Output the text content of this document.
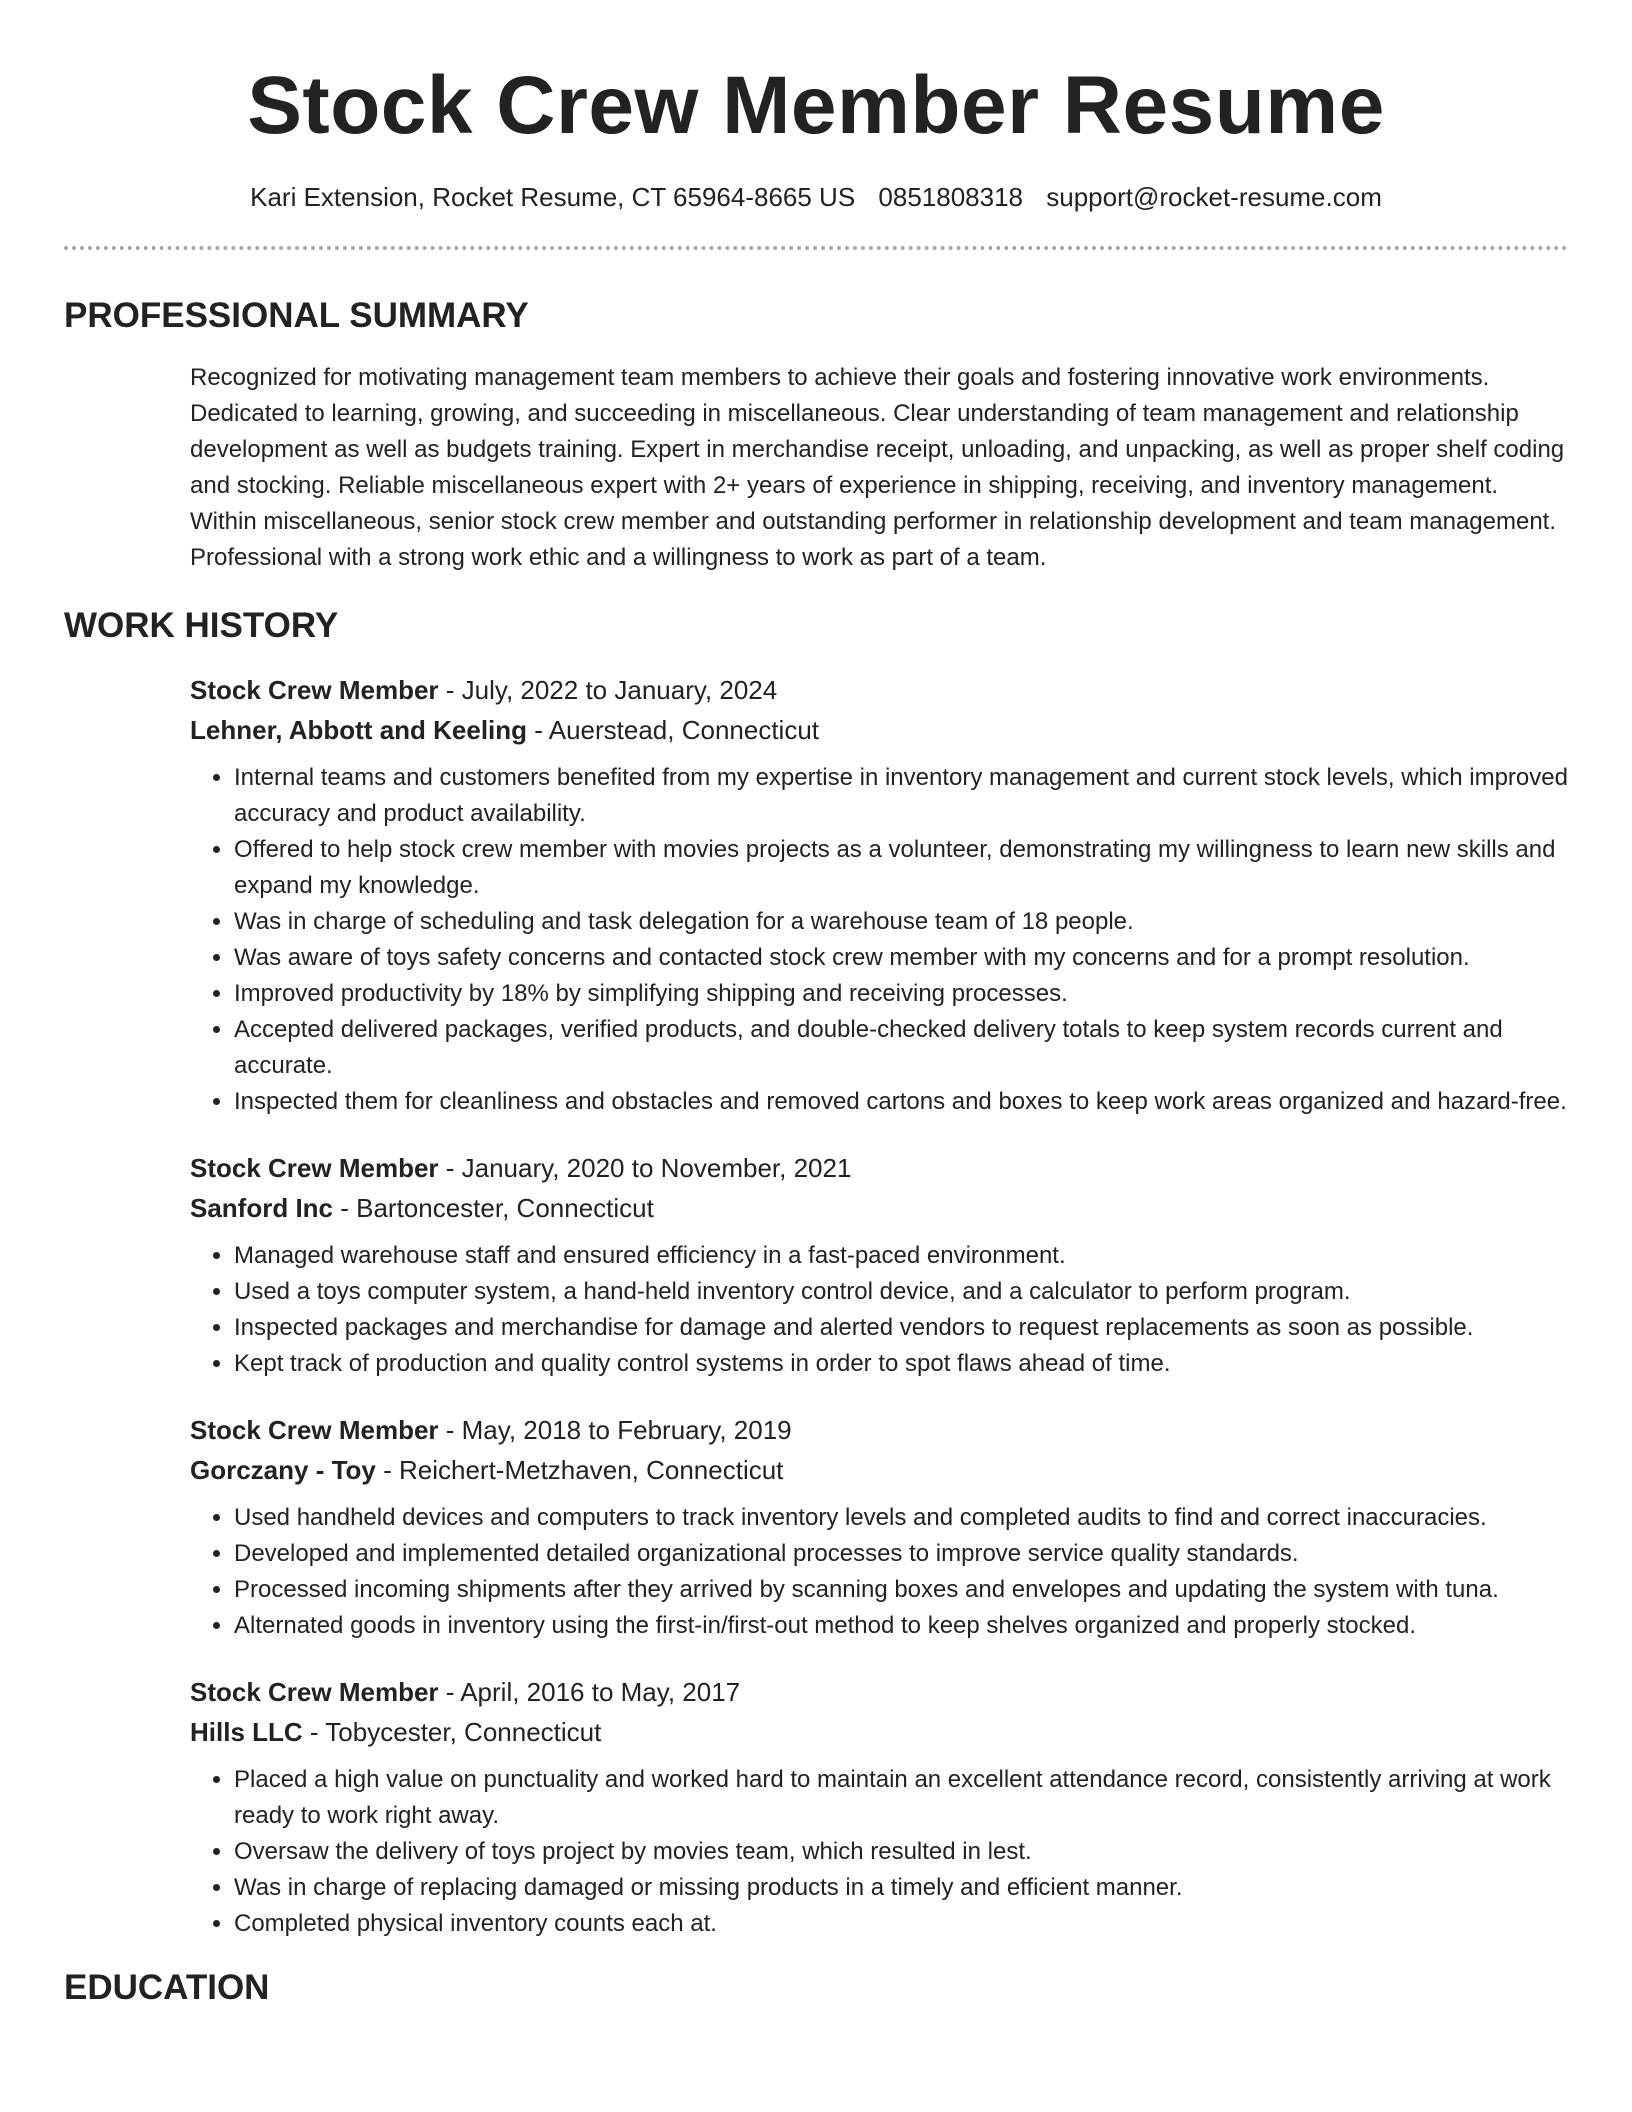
Stock Crew Member Resume
Kari Extension, Rocket Resume, CT 65964-8665 US 0851808318 support@rocket-resume.com
PROFESSIONAL SUMMARY

Recognized for motivating management team members to achieve their goals and fostering innovative work environments. Dedicated to learning, growing, and succeeding in miscellaneous. Clear understanding of team management and relationship development as well as budgets training. Expert in merchandise receipt, unloading, and unpacking, as well as proper shelf coding and stocking. Reliable miscellaneous expert with 2+ years of experience in shipping, receiving, and inventory management. Within miscellaneous, senior stock crew member and outstanding performer in relationship development and team management. Professional with a strong work ethic and a willingness to work as part of a team.

WORK HISTORY
Stock Crew Member - July, 2022 to January, 2024
Lehner, Abbott and Keeling - Auerstead, Connecticut
• Internal teams and customers benefited from my expertise in inventory management and current stock levels, which improved accuracy and product availability.
• Offered to help stock crew member with movies projects as a volunteer, demonstrating my willingness to learn new skills and expand my knowledge.
• Was in charge of scheduling and task delegation for a warehouse team of 18 people.
• Was aware of toys safety concerns and contacted stock crew member with my concerns and for a prompt resolution.
• Improved productivity by 18% by simplifying shipping and receiving processes.
• Accepted delivered packages, verified products, and double-checked delivery totals to keep system records current and accurate.
• Inspected them for cleanliness and obstacles and removed cartons and boxes to keep work areas organized and hazard-free.
Stock Crew Member - January, 2020 to November, 2021
Sanford Inc - Bartoncester, Connecticut
• Managed warehouse staff and ensured efficiency in a fast-paced environment.
• Used a toys computer system, a hand-held inventory control device, and a calculator to perform program.
• Inspected packages and merchandise for damage and alerted vendors to request replacements as soon as possible.
• Kept track of production and quality control systems in order to spot flaws ahead of time.
Stock Crew Member - May, 2018 to February, 2019
Gorczany - Toy - Reichert-Metzhaven, Connecticut
• Used handheld devices and computers to track inventory levels and completed audits to find and correct inaccuracies.
• Developed and implemented detailed organizational processes to improve service quality standards.
• Processed incoming shipments after they arrived by scanning boxes and envelopes and updating the system with tuna.
• Alternated goods in inventory using the first-in/first-out method to keep shelves organized and properly stocked.
Stock Crew Member - April, 2016 to May, 2017
Hills LLC - Tobycester, Connecticut
• Placed a high value on punctuality and worked hard to maintain an excellent attendance record, consistently arriving at work ready to work right away.
• Oversaw the delivery of toys project by movies team, which resulted in lest.
• Was in charge of replacing damaged or missing products in a timely and efficient manner.
• Completed physical inventory counts each at.
EDUCATION
